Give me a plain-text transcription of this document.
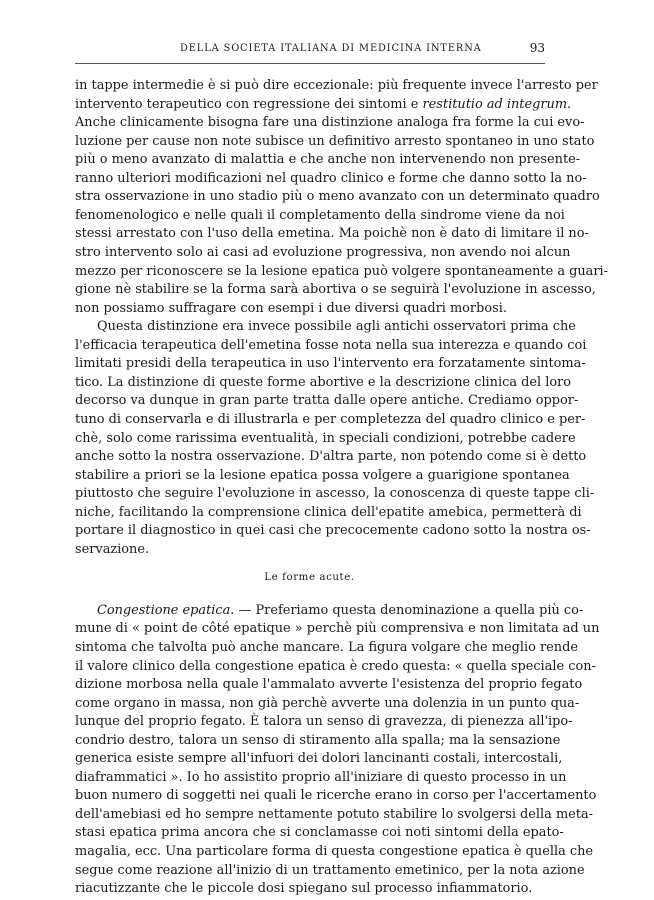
DELLA SOCIETA ITALIANA DI MEDICINA INTERNA	93
in tappe intermedie è si può dire eccezionale: più frequente invece l'arresto per
intervento terapeutico con regressione dei sintomi e restitutio ad integrum.
Anche clinicamente bisogna fare una distinzione analoga fra forme la cui evo-
luzione per cause non note subisce un definitivo arresto spontaneo in uno stato
più o meno avanzato di malattia e che anche non intervenendo non presente-
ranno ulteriori modificazioni nel quadro clinico e forme che danno sotto la no-
stra osservazione in uno stadio più o meno avanzato con un determinato quadro
fenomenologico e nelle quali il completamento della sindrome viene da noi
stessi arrestato con l'uso della emetina. Ma poichè non è dato di limitare il no-
stro intervento solo ai casi ad evoluzione progressiva, non avendo noi alcun
mezzo per riconoscere se la lesione epatica può volgere spontaneamente a guari-
gione nè stabilire se la forma sarà abortiva o se seguirà l'evoluzione in ascesso,
non possiamo suffragare con esempi i due diversi quadri morbosi.
Questa distinzione era invece possibile agli antichi osservatori prima che
l'efficacia terapeutica dell'emetina fosse nota nella sua interezza e quando coi
limitati presidi della terapeutica in uso l'intervento era forzatamente sintoma-
tico. La distinzione di queste forme abortive e la descrizione clinica del loro
decorso va dunque in gran parte tratta dalle opere antiche. Crediamo oppor-
tuno di conservarla e di illustrarla e per completezza del quadro clinico e per-
chè, solo come rarissima eventualità, in speciali condizioni, potrebbe cadere
anche sotto la nostra osservazione. D'altra parte, non potendo come si è detto
stabilire a priori se la lesione epatica possa volgere a guarigione spontanea
piuttosto che seguire l'evoluzione in ascesso, la conoscenza di queste tappe cli-
niche, facilitando la comprensione clinica dell'epatite amebica, permetterà di
portare il diagnostico in quei casi che precocemente cadono sotto la nostra os-
servazione.
Le forme acute.
Congestione epatica. — Preferiamo questa denominazione a quella più co-
mune di « point de côté epatique » perchè più comprensiva e non limitata ad un
sintoma che talvolta può anche mancare. La figura volgare che meglio rende
il valore clinico della congestione epatica è credo questa: « quella speciale con-
dizione morbosa nella quale l'ammalato avverte l'esistenza del proprio fegato
come organo in massa, non già perchè avverte una dolenzia in un punto qua-
lunque del proprio fegato. È talora un senso di gravezza, di pienezza all'ipo-
condrio destro, talora un senso di stiramento alla spalla; ma la sensazione
generica esiste sempre all'infuori dei dolori lancinanti costali, intercostali,
diaframmatici ». Io ho assistito proprio all'iniziare di questo processo in un
buon numero di soggetti nei quali le ricerche erano in corso per l'accertamento
dell'amebiasi ed ho sempre nettamente potuto stabilire lo svolgersi della meta-
stasi epatica prima ancora che si conclamasse coi noti sintomi della epato-
magalia, ecc. Una particolare forma di questa congestione epatica è quella che
segue come reazione all'inizio di un trattamento emetinico, per la nota azione
riacutizzante che le piccole dosi spiegano sul processo infiammatorio.
